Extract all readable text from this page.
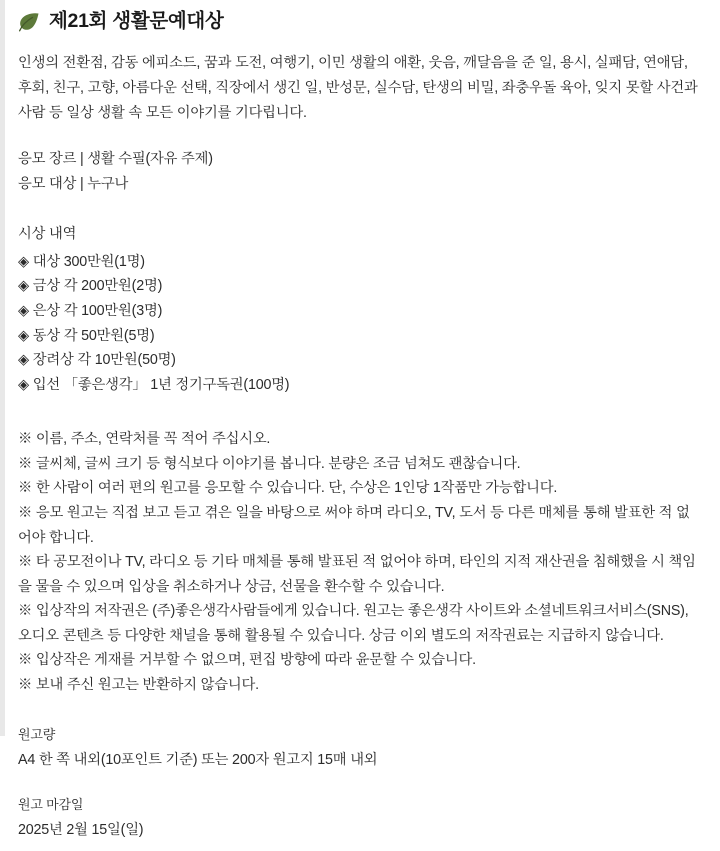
제21회 생활문예대상

인생의 전환점, 감동 에피소드, 꿈과 도전, 여행기, 이민 생활의 애환, 웃음, 깨달음을 준 일, 용시, 실패담, 연애담, 후회, 친구, 고향, 아름다운 선택, 직장에서 생긴 일, 반성문, 실수담, 탄생의 비밀, 좌충우돌 육아, 잊지 못할 사건과 사람 등 일상 생활 속 모든 이야기를 기다립니다.

응모 장르 | 생활 수필(자유 주제)
응모 대상 | 누구나

시상 내역

◈ 대상 300만원(1명)
◈ 금상 각 200만원(2명)
◈ 은상 각 100만원(3명)
◈ 동상 각 50만원(5명)
◈ 장려상 각 10만원(50명)
◈ 입선 「좋은생각」 1년 정기구독권(100명)

※ 이름, 주소, 연락처를 꼭 적어 주십시오.

※ 글씨체, 글씨 크기 등 형식보다 이야기를 봅니다. 분량은 조금 넘쳐도 괜찮습니다.

※ 한 사람이 여러 편의 원고를 응모할 수 있습니다. 단, 수상은 1인당 1작품만 가능합니다.

※ 응모 원고는 직접 보고 듣고 겪은 일을 바탕으로 써야 하며 라디오, TV, 도서 등 다른 매체를 통해 발표한 적 없어야 합니다.

※ 타 공모전이나 TV, 라디오 등 기타 매체를 통해 발표된 적 없어야 하며, 타인의 지적 재산권을 침해했을 시 책임을 물을 수 있으며 입상을 취소하거나 상금, 선물을 환수할 수 있습니다.

※ 입상작의 저작권은 (주)좋은생각사람들에게 있습니다. 원고는 좋은생각 사이트와 소셜네트워크서비스(SNS), 오디오 콘텐츠 등 다양한 채널을 통해 활용될 수 있습니다. 상금 이외 별도의 저작권료는 지급하지 않습니다.

※ 입상작은 게재를 거부할 수 없으며, 편집 방향에 따라 윤문할 수 있습니다.

※ 보내 주신 원고는 반환하지 않습니다.

원고량

A4 한 쪽 내외(10포인트 기준) 또는 200자 원고지 15매 내외

원고 마감일

2025년 2월 15일(일)
